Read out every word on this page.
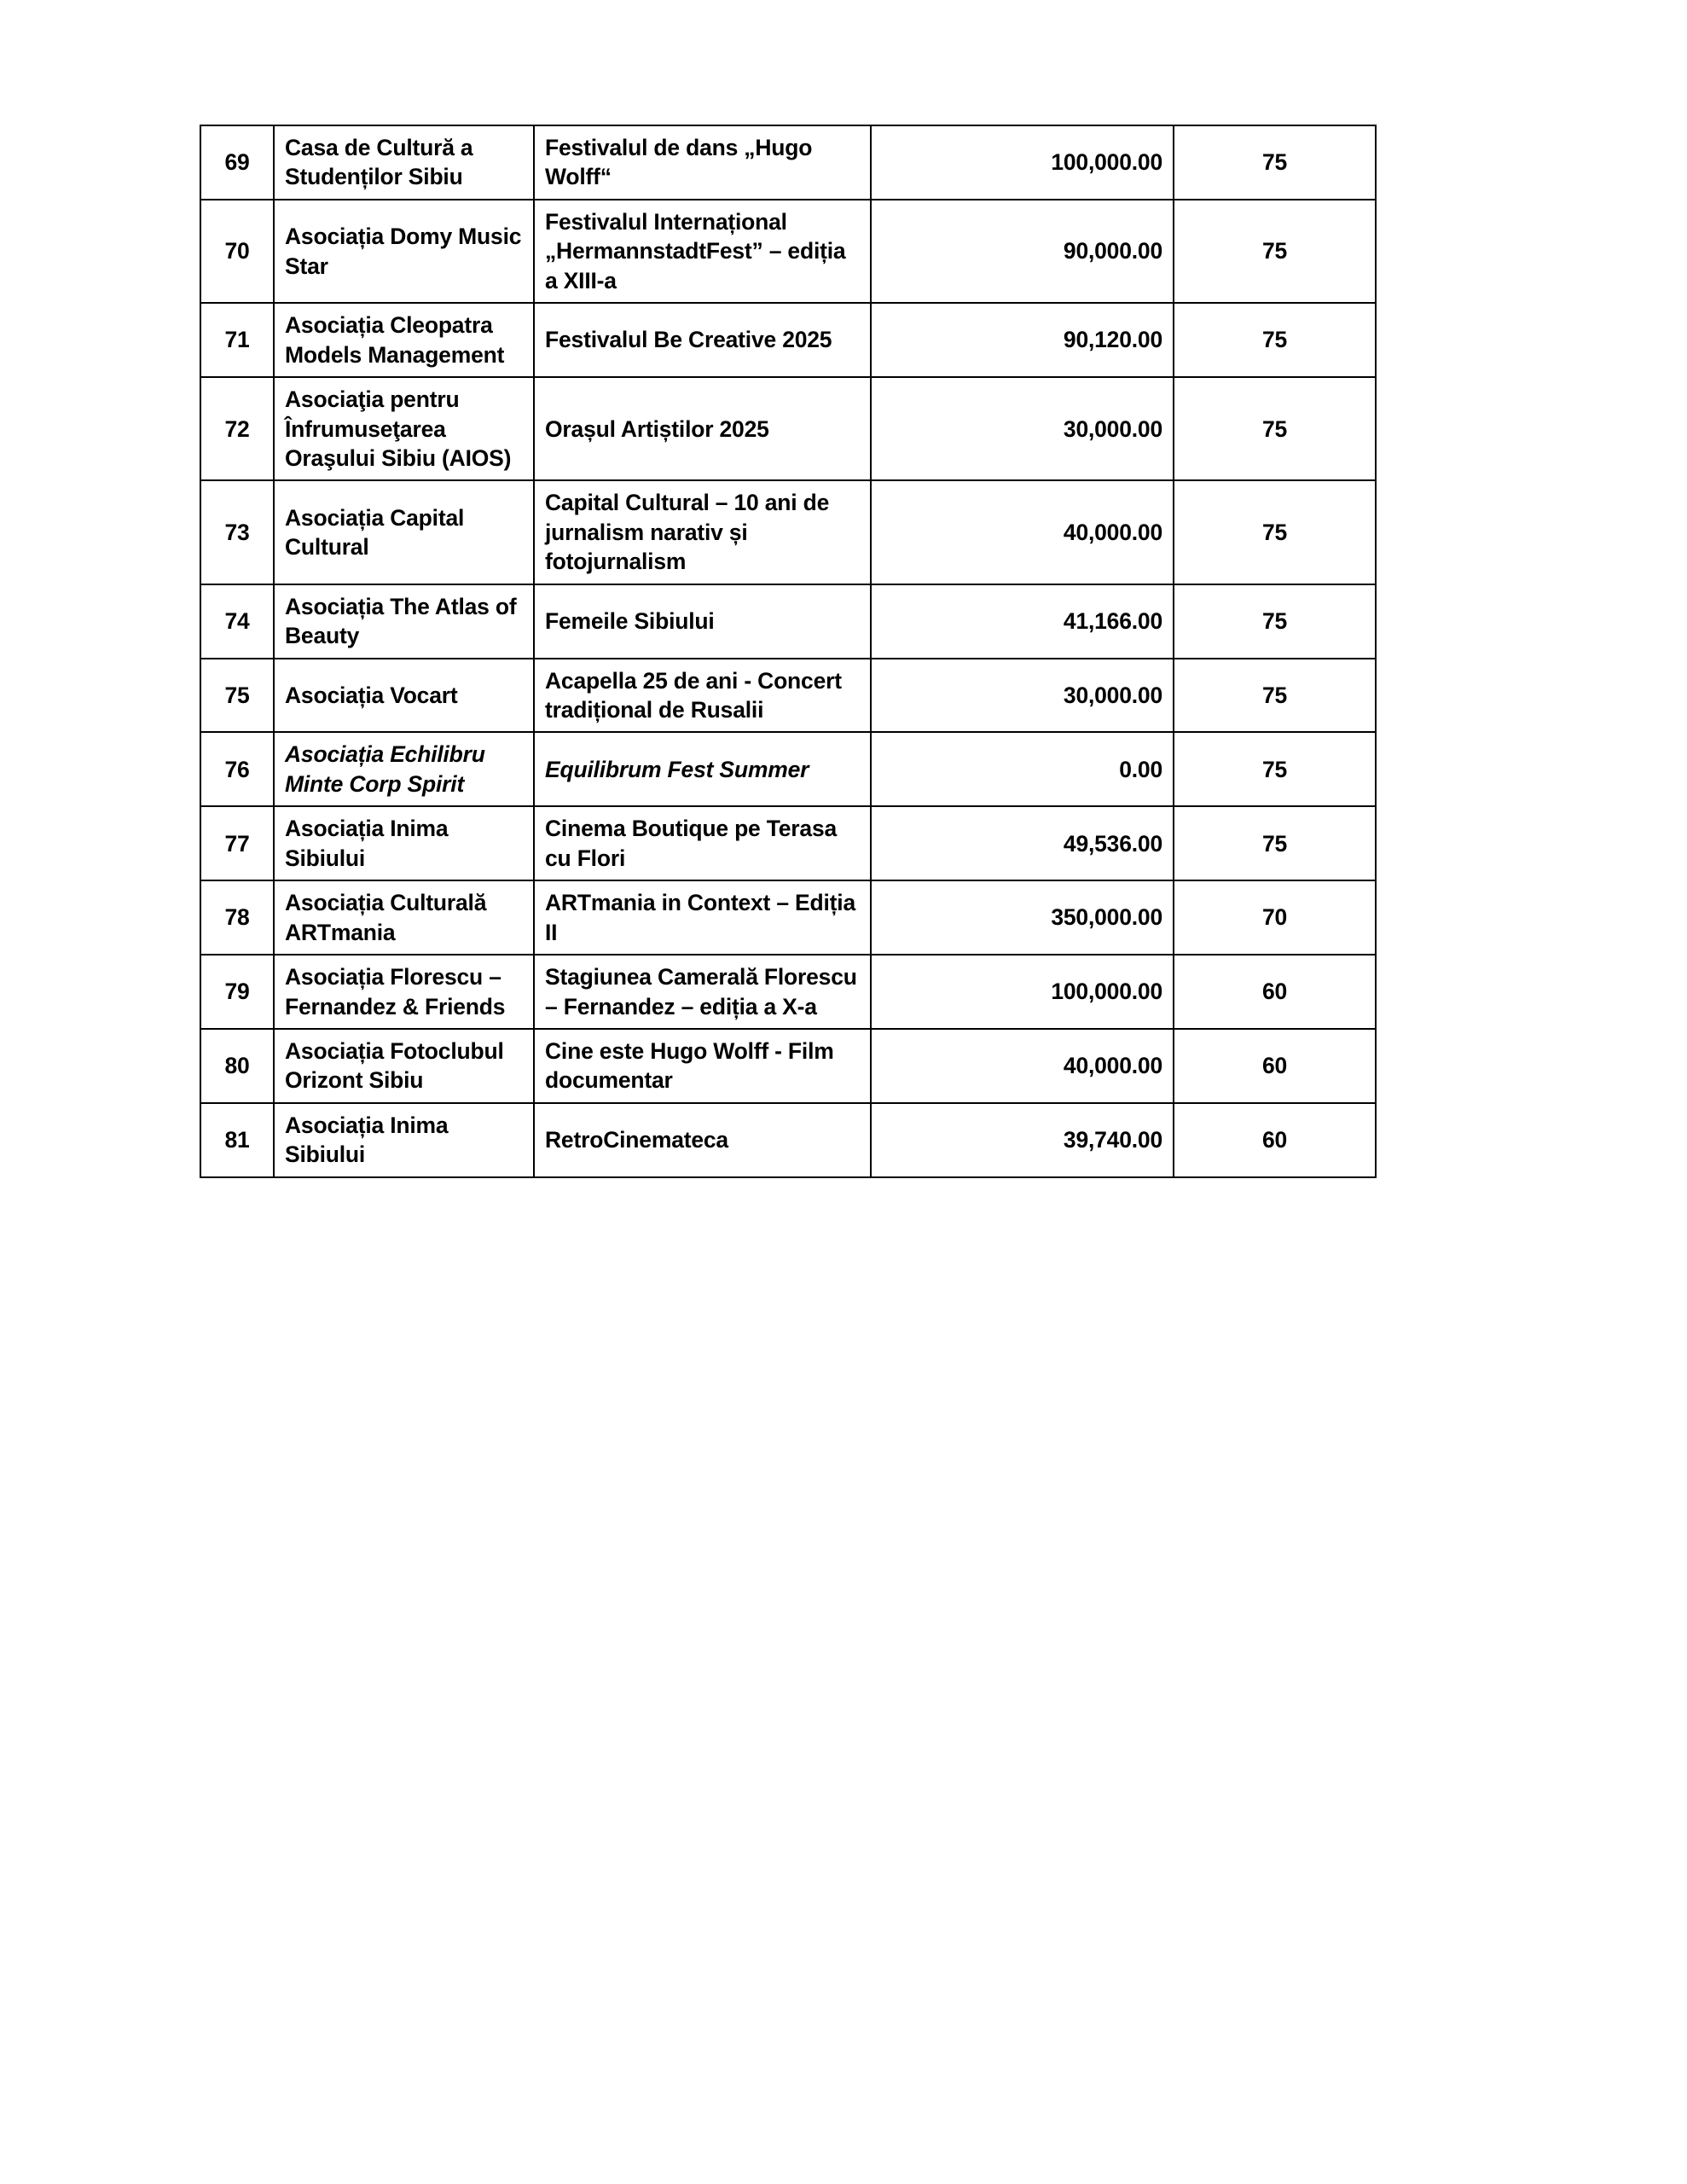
69	Casa de Cultură a Studenților Sibiu	Festivalul de dans „Hugo Wolff“	100,000.00	75
70	Asociația Domy Music Star	Festivalul Internațional „HermannstadtFest” – ediția a XIII-a	90,000.00	75
71	Asociația Cleopatra Models Management	Festivalul Be Creative 2025	90,120.00	75
72	Asociaţia pentru Înfrumuseţarea Oraşului Sibiu (AIOS)	Orașul Artiștilor 2025	30,000.00	75
73	Asociația Capital Cultural	Capital Cultural – 10 ani de jurnalism narativ și fotojurnalism	40,000.00	75
74	Asociația The Atlas of Beauty	Femeile Sibiului	41,166.00	75
75	Asociația Vocart	Acapella 25 de ani - Concert tradițional de Rusalii	30,000.00	75
76	Asociația Echilibru Minte Corp Spirit	Equilibrum Fest Summer	0.00	75
77	Asociația Inima Sibiului	Cinema Boutique pe Terasa cu Flori	49,536.00	75
78	Asociația Culturală ARTmania	ARTmania in Context – Ediția II	350,000.00	70
79	Asociația Florescu – Fernandez & Friends	Stagiunea Camerală Florescu – Fernandez – ediția a X-a	100,000.00	60
80	Asociația Fotoclubul Orizont Sibiu	Cine este Hugo Wolff - Film documentar	40,000.00	60
81	Asociația Inima Sibiului	RetroCinemateca	39,740.00	60
